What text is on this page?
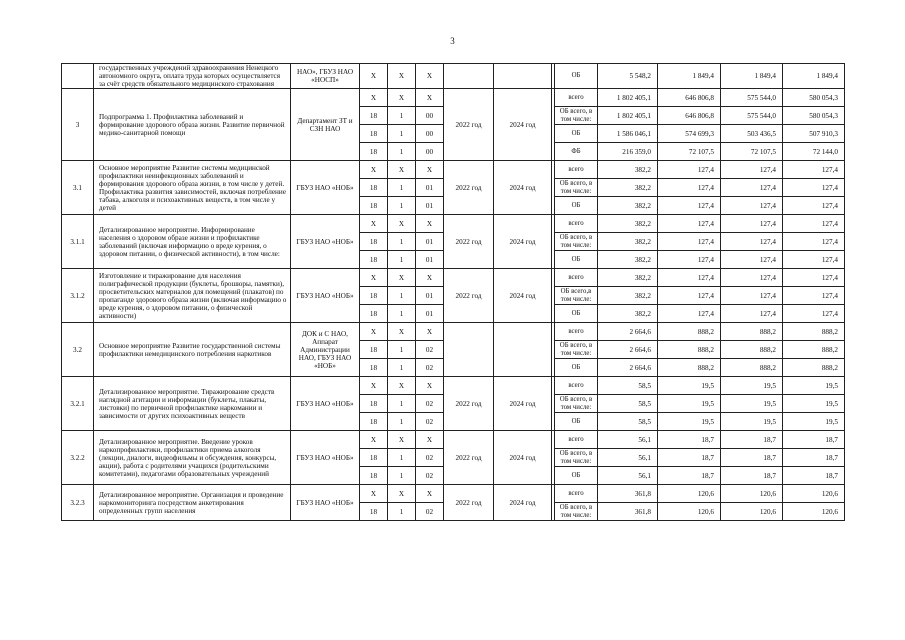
3
	государственных учреждений здравоохранения Ненецкого автономного округа, оплата труда которых осуществляется за счёт средств обязательного медицинского страхования	НАО», ГБУЗ НАО «НОСП»	X	X	X				ОБ	5 548,2	1 849,4	1 849,4	1 849,4
3	Подпрограмма 1. Профилактика заболеваний и формирование здорового образа жизни. Развитие первичной медико-санитарной помощи	Департамент ЗТ и СЗН НАО	X	X	X	2022 год	2024 год		всего	1 802 405,1	646 806,8	575 544,0	580 054,3
			18	1	00				ОБ всего, в том числе:	1 802 405,1	646 806,8	575 544,0	580 054,3
			18	1	00				ОБ	1 586 046,1	574 699,3	503 436,5	507 910,3
			18	1	00				ФБ	216 359,0	72 107,5	72 107,5	72 144,0
3.1	Основное мероприятие Развитие системы медицинской профилактики неинфекционных заболеваний и формирования здорового образа жизни, в том числе у детей. Профилактика развития зависимостей, включая потребление табака, алкоголя и психоактивных веществ, в том числе у детей	ГБУЗ НАО «НОБ»	X	X	X	2022 год	2024 год		всего	382,2	127,4	127,4	127,4
			18	1	01				ОБ всего, в том числе:	382,2	127,4	127,4	127,4
			18	1	01				ОБ	382,2	127,4	127,4	127,4
3.1.1	Детализированное мероприятие. Информирование населения о здоровом образе жизни и профилактике заболеваний (включая информацию о вреде курения, о здоровом питании, о физической активности), в том числе:	ГБУЗ НАО «НОБ»	X	X	X	2022 год	2024 год		всего	382,2	127,4	127,4	127,4
			18	1	01				ОБ всего, в том числе:	382,2	127,4	127,4	127,4
			18	1	01				ОБ	382,2	127,4	127,4	127,4
3.1.2	Изготовление и тиражирование для населения полиграфической продукции (буклеты, брошюры, памятки), просветительских материалов для помещений (плакатов) по пропаганде здорового образа жизни (включая информацию о вреде курения, о здоровом питании, о физической активности)	ГБУЗ НАО «НОБ»	X	X	X	2022 год	2024 год		всего	382,2	127,4	127,4	127,4
			18	1	01				ОБ всего,в том числе:	382,2	127,4	127,4	127,4
			18	1	01				ОБ	382,2	127,4	127,4	127,4
3.2	Основное мероприятие Развитие государственной системы профилактики немедицинского потребления наркотиков	ДОК и С НАО, Аппарат Администрации НАО, ГБУЗ НАО «НОБ»	X	X	X				всего	2 664,6	888,2	888,2	888,2
			18	1	02				ОБ всего, в том числе:	2 664,6	888,2	888,2	888,2
			18	1	02				ОБ	2 664,6	888,2	888,2	888,2
3.2.1	Детализированное мероприятие. Тиражирование средств наглядной агитации и информации (буклеты, плакаты, листовки) по первичной профилактике наркомании и зависимости от других психоактивных веществ	ГБУЗ НАО «НОБ»	X	X	X	2022 год	2024 год		всего	58,5	19,5	19,5	19,5
			18	1	02				ОБ всего, в том числе:	58,5	19,5	19,5	19,5
			18	1	02				ОБ	58,5	19,5	19,5	19,5
3.2.2	Детализированное мероприятие. Введение уроков наркопрофилактики, профилактики приема алкоголя (лекции, диалоги, видеофильмы и обсуждения, конкурсы, акции), работа с родителями учащихся (родительскими комитетами), педагогами образовательных учреждений	ГБУЗ НАО «НОБ»	X	X	X	2022 год	2024 год		всего	56,1	18,7	18,7	18,7
			18	1	02				ОБ всего, в том числе:	56,1	18,7	18,7	18,7
			18	1	02				ОБ	56,1	18,7	18,7	18,7
3.2.3	Детализированное мероприятие. Организация и проведение наркомониторинга посредством анкетирования определенных групп населения	ГБУЗ НАО «НОБ»	X	X	X	2022 год	2024 год		всего	361,8	120,6	120,6	120,6
			18	1	02				ОБ всего, в том числе:	361,8	120,6	120,6	120,6
